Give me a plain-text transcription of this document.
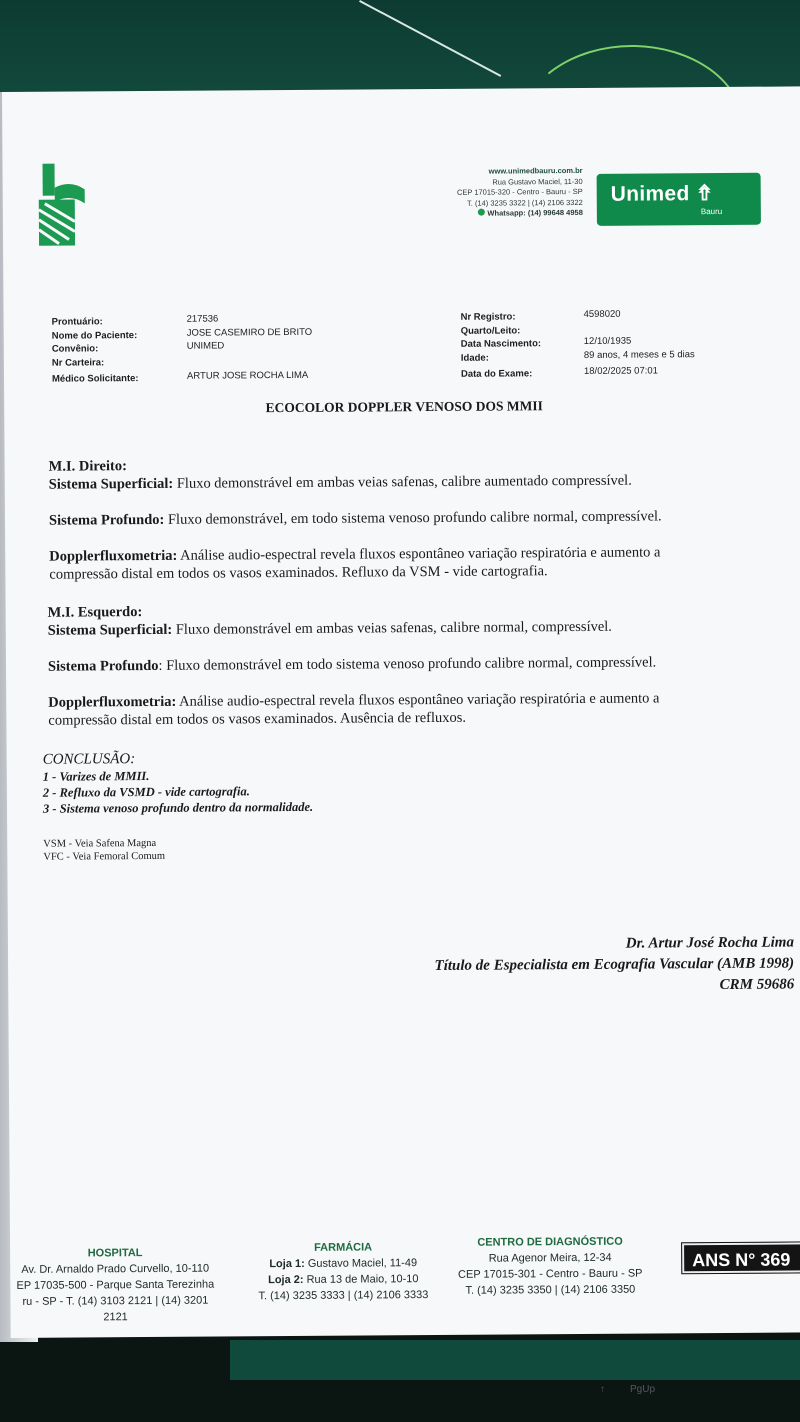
www.unimedbauru.com.br
Rua Gustavo Maciel, 11-30
CEP 17015-320 - Centro - Bauru - SP
T. (14) 3235 3322 | (14) 2106 3322
Whatsapp: (14) 99648 4958
Unimed ⇮
Bauru
Prontuário:
Nome do Paciente:
Convênio:
Nr Carteira:
Médico Solicitante:
217536
JOSE CASEMIRO DE BRITO
UNIMED
ARTUR JOSE ROCHA LIMA
Nr Registro:
Quarto/Leito:
Data Nascimento:
Idade:
Data do Exame:
4598020
12/10/1935
89 anos, 4 meses e 5 dias
18/02/2025 07:01
ECOCOLOR DOPPLER VENOSO DOS MMII
M.I. Direito:
Sistema Superficial: Fluxo demonstrável em ambas veias safenas, calibre aumentado compressível.
Sistema Profundo: Fluxo demonstrável, em todo sistema venoso profundo calibre normal, compressível.
Dopplerfluxometria: Análise audio-espectral revela fluxos espontâneo variação respiratória e aumento a
compressão distal em todos os vasos examinados. Refluxo da VSM - vide cartografia.
M.I. Esquerdo:
Sistema Superficial: Fluxo demonstrável em ambas veias safenas, calibre normal, compressível.
Sistema Profundo: Fluxo demonstrável em todo sistema venoso profundo calibre normal, compressível.
Dopplerfluxometria: Análise audio-espectral revela fluxos espontâneo variação respiratória e aumento a
compressão distal em todos os vasos examinados. Ausência de refluxos.
CONCLUSÃO:
1 - Varizes de MMII.
2 - Refluxo da VSMD - vide cartografia.
3 - Sistema venoso profundo dentro da normalidade.
VSM - Veia Safena Magna
VFC - Veia Femoral Comum
Dr. Artur José Rocha Lima
Título de Especialista em Ecografia Vascular (AMB 1998)
CRM 59686
HOSPITAL
Av. Dr. Arnaldo Prado Curvello, 10-110
EP 17035-500 - Parque Santa Terezinha
ru - SP - T. (14) 3103 2121 | (14) 3201 2121
FARMÁCIA
Loja 1: Gustavo Maciel, 11-49
Loja 2: Rua 13 de Maio, 10-10
T. (14) 3235 3333 | (14) 2106 3333
CENTRO DE DIAGNÓSTICO
Rua Agenor Meira, 12-34
CEP 17015-301 - Centro - Bauru - SP
T. (14) 3235 3350 | (14) 2106 3350
ANS N° 369
↑         PgUp
